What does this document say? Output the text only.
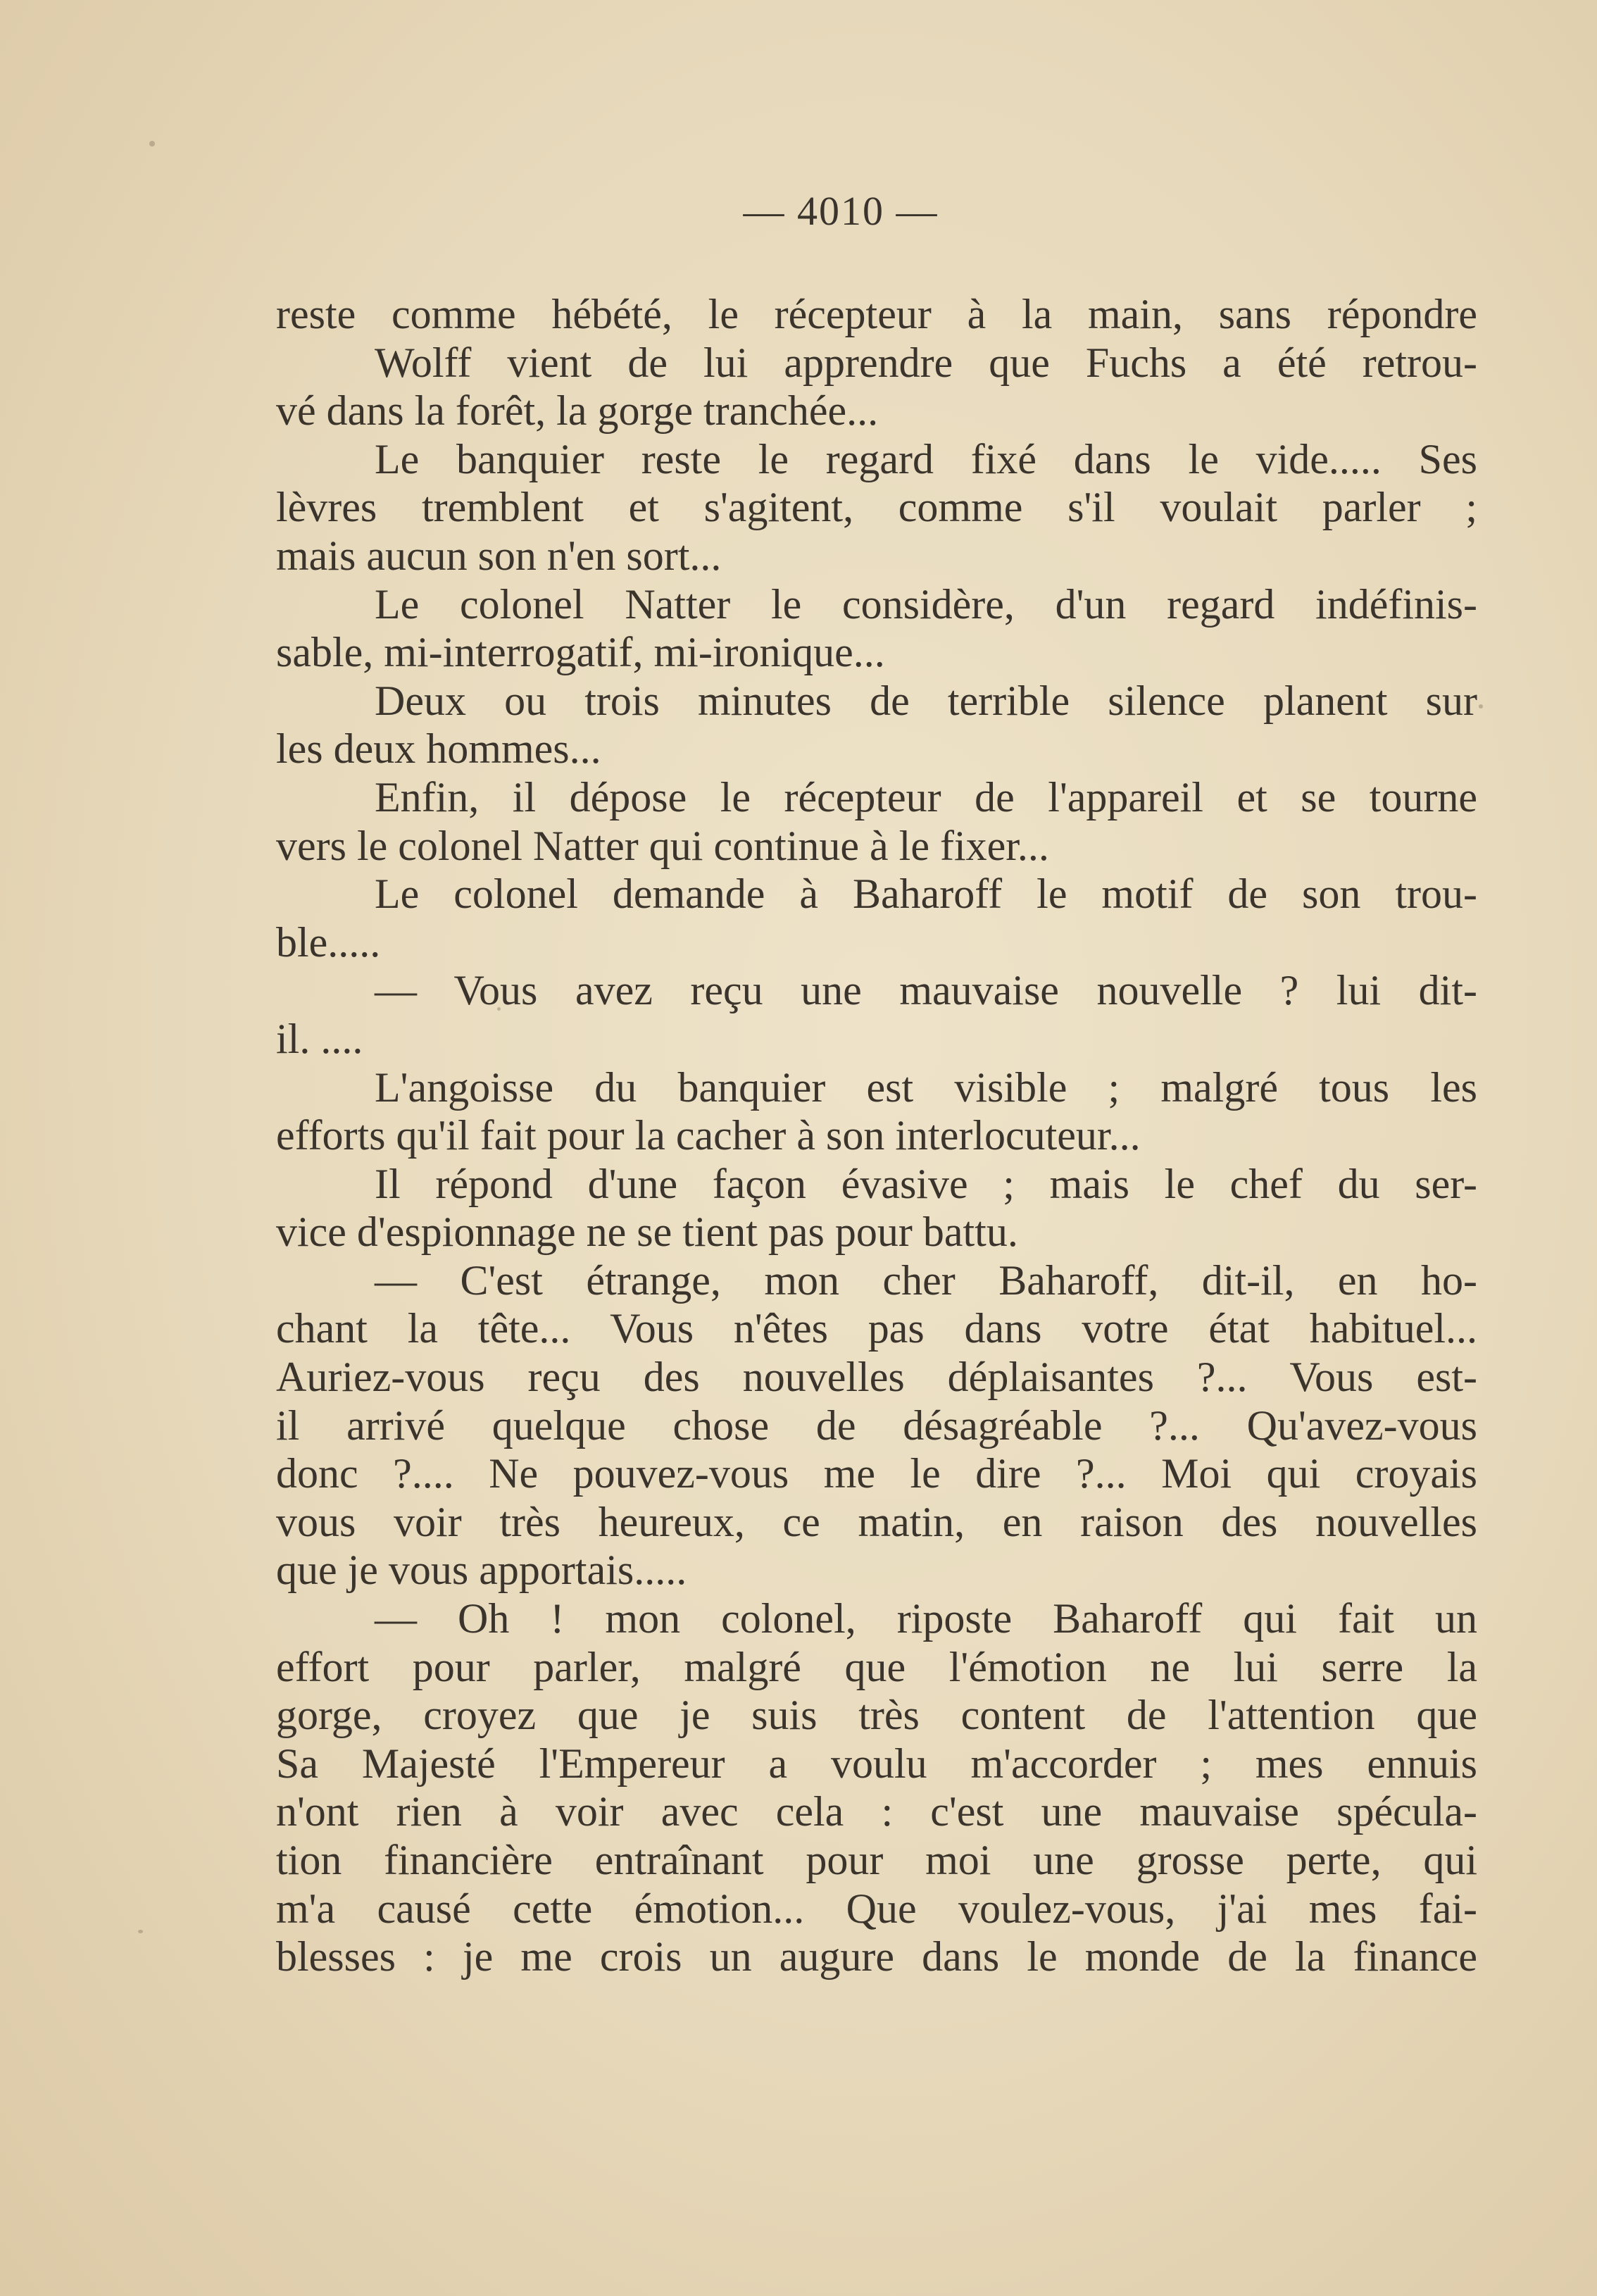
— 4010 —
reste comme hébété, le récepteur à la main, sans répondre
Wolff vient de lui apprendre que Fuchs a été retrou-
vé dans la forêt, la gorge tranchée...
Le banquier reste le regard fixé dans le vide..... Ses
lèvres tremblent et s'agitent, comme s'il voulait parler ;
mais aucun son n'en sort...
Le colonel Natter le considère, d'un regard indéfinis-
sable, mi-interrogatif, mi-ironique...
Deux ou trois minutes de terrible silence planent sur
les deux hommes...
Enfin, il dépose le récepteur de l'appareil et se tourne
vers le colonel Natter qui continue à le fixer...
Le colonel demande à Baharoff le motif de son trou-
ble.....
— Vous avez reçu une mauvaise nouvelle ? lui dit-
il. ....
L'angoisse du banquier est visible ; malgré tous les
efforts qu'il fait pour la cacher à son interlocuteur...
Il répond d'une façon évasive ; mais le chef du ser-
vice d'espionnage ne se tient pas pour battu.
— C'est étrange, mon cher Baharoff, dit-il, en ho-
chant la tête... Vous n'êtes pas dans votre état habituel...
Auriez-vous reçu des nouvelles déplaisantes ?... Vous est-
il arrivé quelque chose de désagréable ?... Qu'avez-vous
donc ?.... Ne pouvez-vous me le dire ?... Moi qui croyais
vous voir très heureux, ce matin, en raison des nouvelles
que je vous apportais.....
— Oh ! mon colonel, riposte Baharoff qui fait un
effort pour parler, malgré que l'émotion ne lui serre la
gorge, croyez que je suis très content de l'attention que
Sa Majesté l'Empereur a voulu m'accorder ; mes ennuis
n'ont rien à voir avec cela : c'est une mauvaise spécula-
tion financière entraînant pour moi une grosse perte, qui
m'a causé cette émotion... Que voulez-vous, j'ai mes fai-
blesses : je me crois un augure dans le monde de la finance
